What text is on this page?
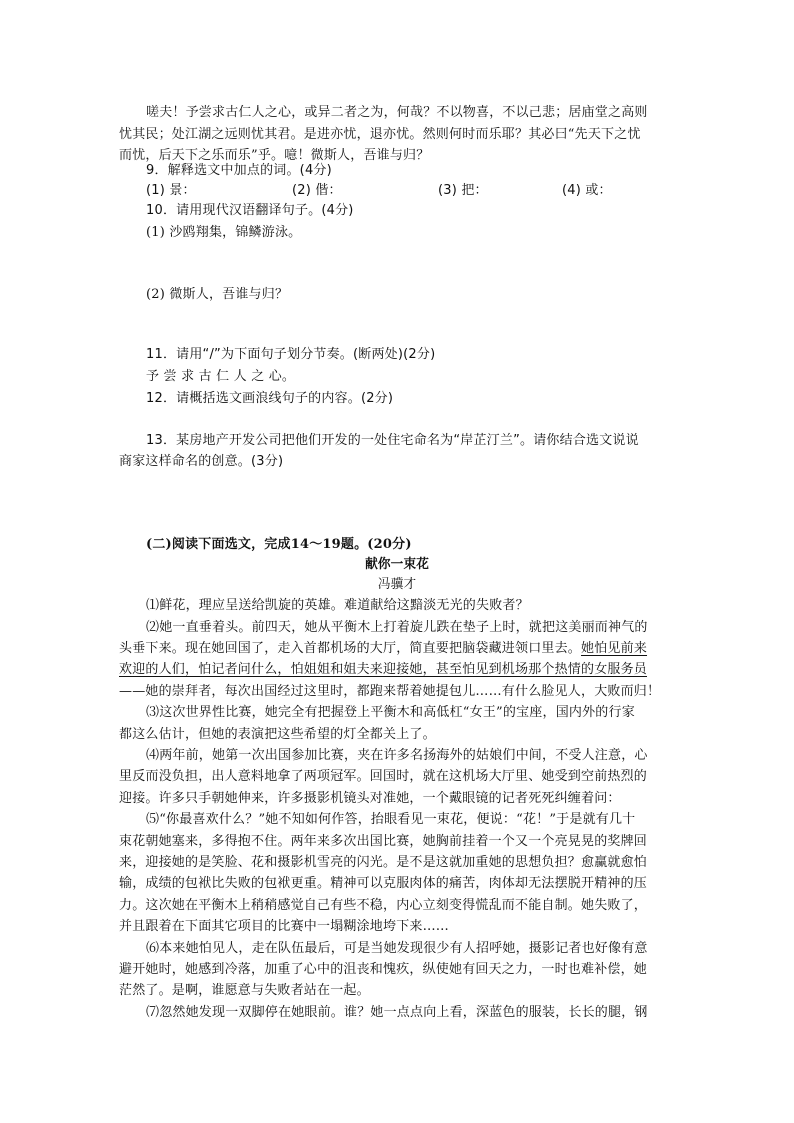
嗟夫！予尝求古仁人之心，或异二者之为，何哉？不以物喜，不以己悲；居庙堂之高则
忧其民；处江湖之远则忧其君。是进亦忧，退亦忧。然则何时而乐耶？其必曰“先天下之忧
而忧，后天下之乐而乐”乎。噫！微斯人，吾谁与归？
9．解释选文中加点的词。(4分)
(1) 景：	(2) 偕：	(3) 把：	(4) 或：
10．请用现代汉语翻译句子。(4分)
(1) 沙鸥翔集，锦鳞游泳。
(2) 微斯人，吾谁与归？
11．请用“/”为下面句子划分节奏。(断两处)(2分)
予 尝 求 古 仁 人 之 心。
12．请概括选文画浪线句子的内容。(2分)
13．某房地产开发公司把他们开发的一处住宅命名为“岸芷汀兰”。请你结合选文说说
商家这样命名的创意。(3分)
(二)阅读下面选文，完成14～19题。(20分)
献你一束花
冯骥才
⑴鲜花，理应呈送给凯旋的英雄。难道献给这黯淡无光的失败者？
⑵她一直垂着头。前四天，她从平衡木上打着旋儿跌在垫子上时，就把这美丽而神气的
头垂下来。现在她回国了，走入首都机场的大厅，简直要把脑袋藏进领口里去。她怕见前来
欢迎的人们，怕记者问什么，怕姐姐和姐夫来迎接她，甚至怕见到机场那个热情的女服务员
——她的崇拜者，每次出国经过这里时，都跑来帮着她提包儿……有什么脸见人，大败而归！
⑶这次世界性比赛，她完全有把握登上平衡木和高低杠“女王”的宝座，国内外的行家
都这么估计，但她的表演把这些希望的灯全都关上了。
⑷两年前，她第一次出国参加比赛，夹在许多名扬海外的姑娘们中间，不受人注意，心
里反而没负担，出人意料地拿了两项冠军。回国时，就在这机场大厅里、她受到空前热烈的
迎接。许多只手朝她伸来，许多摄影机镜头对准她，一个戴眼镜的记者死死纠缠着问：
⑸“你最喜欢什么？”她不知如何作答，抬眼看见一束花，便说：“花！”于是就有几十
束花朝她塞来，多得抱不住。两年来多次出国比赛，她胸前挂着一个又一个亮晃晃的奖牌回
来，迎接她的是笑脸、花和摄影机雪亮的闪光。是不是这就加重她的思想负担？愈赢就愈怕
输，成绩的包袱比失败的包袱更重。精神可以克服肉体的痛苦，肉体却无法摆脱开精神的压
力。这次她在平衡木上稍稍感觉自己有些不稳，内心立刻变得慌乱而不能自制。她失败了，
并且跟着在下面其它项目的比赛中一塌糊涂地垮下来……
⑹本来她怕见人，走在队伍最后，可是当她发现很少有人招呼她，摄影记者也好像有意
避开她时，她感到冷落，加重了心中的沮丧和愧疚，纵使她有回天之力，一时也难补偿，她
茫然了。是啊，谁愿意与失败者站在一起。
⑺忽然她发现一双脚停在她眼前。谁？她一点点向上看，深蓝色的服装，长长的腿，钢
